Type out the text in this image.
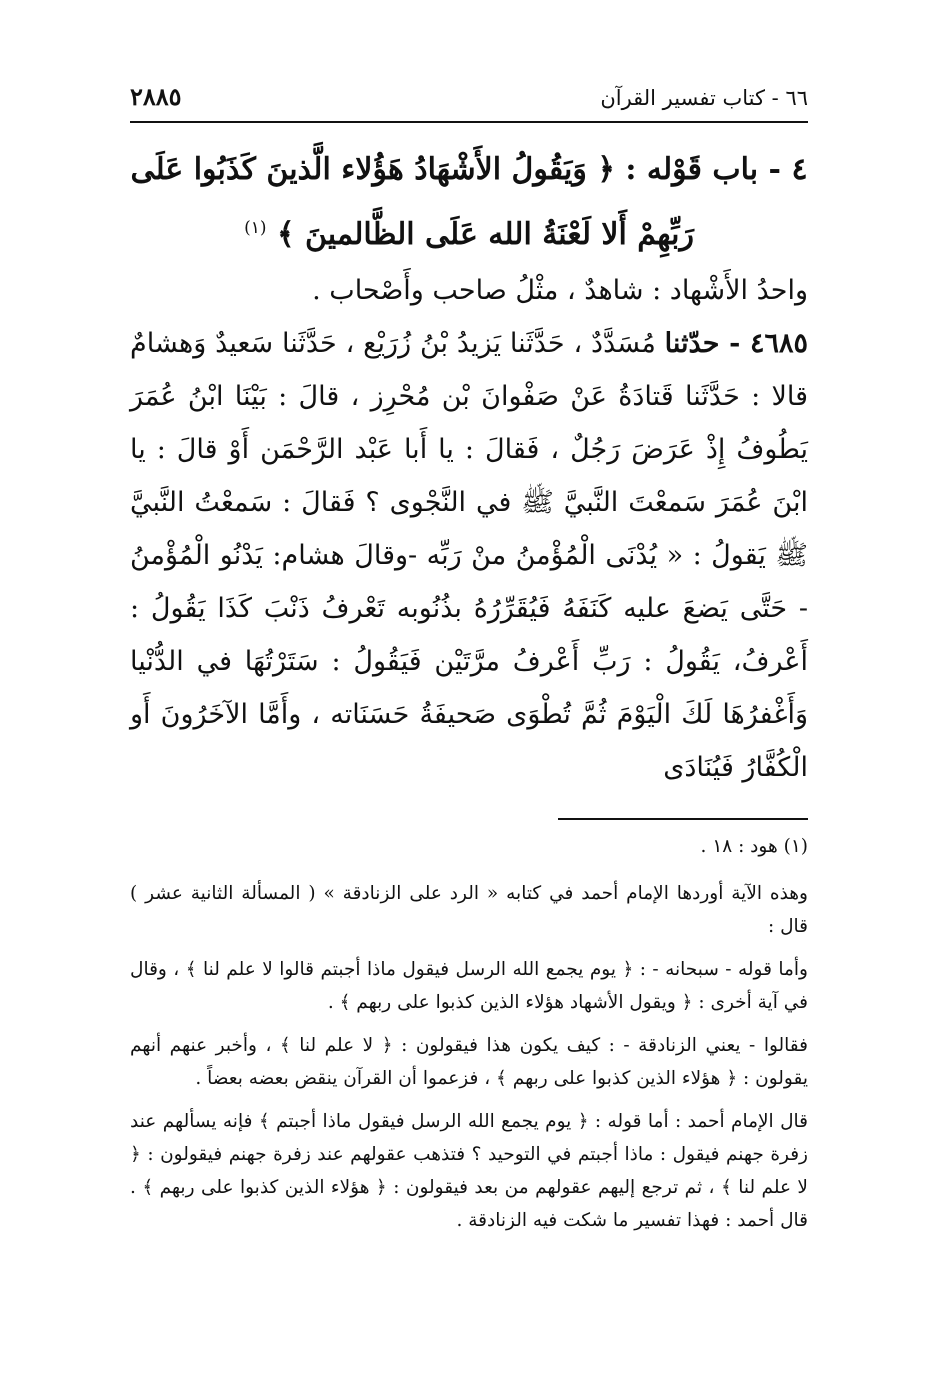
٦٦ - كتاب تفسير القرآن
٢٨٨٥
٤ - باب قَوْله : ﴿ وَيَقُولُ الأَشْهَادُ هَؤُلاء الَّذينَ كَذَبُوا عَلَى
رَبِّهِمْ أَلا لَعْنَةُ الله عَلَى الظَّالمينَ ﴾ $^{(١)}$

واحدُ الأَشْهاد : شاهدٌ ، مثْلُ صاحب وأَصْحاب .

٤٦٨٥ - حدّثنا مُسَدَّدٌ ، حَدَّثَنا يَزيدُ بْنُ زُرَيْع ، حَدَّثَنا سَعيدٌ وَهشامٌ قالا : حَدَّثَنا قَتادَةُ عَنْ صَفْوانَ بْن مُحْرِز ، قالَ : بَيْنَا ابْنُ عُمَرَ يَطُوفُ إِذْ عَرَضَ رَجُلٌ ، فَقالَ : يا أَبا عَبْد الرَّحْمَن أَوْ قالَ : يا ابْنَ عُمَرَ سَمعْتَ النَّبيَّ ﷺ في النَّجْوى ؟ فَقالَ : سَمعْتُ النَّبيَّ ﷺ يَقولُ : « يُدْنَى الْمُؤْمنُ منْ رَبِّه -وقالَ هشام: يَدْنُو الْمُؤْمنُ - حَتَّى يَضعَ عليه كَنَفَهُ فَيُقَرِّرُهُ بذُنُوبه تَعْرفُ ذَنْبَ كَذَا يَقُولُ : أَعْرفُ، يَقُولُ : رَبِّ أَعْرفُ مرَّتَيْن فَيَقُولُ : سَتَرْتُهَا في الدُّنْيا وَأَغْفرُهَا لَكَ الْيَوْمَ ثُمَّ تُطْوَى صَحيفَةُ حَسَنَاته ، وأَمَّا الآخَرُونَ أَو الْكُفَّارُ فَيُنَادَى

(١) هود : ١٨ .

وهذه الآية أوردها الإمام أحمد في كتابه « الرد على الزنادقة » ( المسألة الثانية عشر ) قال :

وأما قوله - سبحانه - : ﴿ يوم يجمع الله الرسل فيقول ماذا أجبتم قالوا لا علم لنا ﴾ ، وقال في آية أخرى : ﴿ ويقول الأشهاد هؤلاء الذين كذبوا على ربهم ﴾ .

فقالوا - يعني الزنادقة - : كيف يكون هذا فيقولون : ﴿ لا علم لنا ﴾ ، وأخبر عنهم أنهم يقولون : ﴿ هؤلاء الذين كذبوا على ربهم ﴾ ، فزعموا أن القرآن ينقض بعضه بعضاً .

قال الإمام أحمد : أما قوله : ﴿ يوم يجمع الله الرسل فيقول ماذا أجبتم ﴾ فإنه يسألهم عند زفرة جهنم فيقول : ماذا أجبتم في التوحيد ؟ فتذهب عقولهم عند زفرة جهنم فيقولون : ﴿ لا علم لنا ﴾ ، ثم ترجع إليهم عقولهم من بعد فيقولون : ﴿ هؤلاء الذين كذبوا على ربهم ﴾ . قال أحمد : فهذا تفسير ما شكت فيه الزنادقة .
